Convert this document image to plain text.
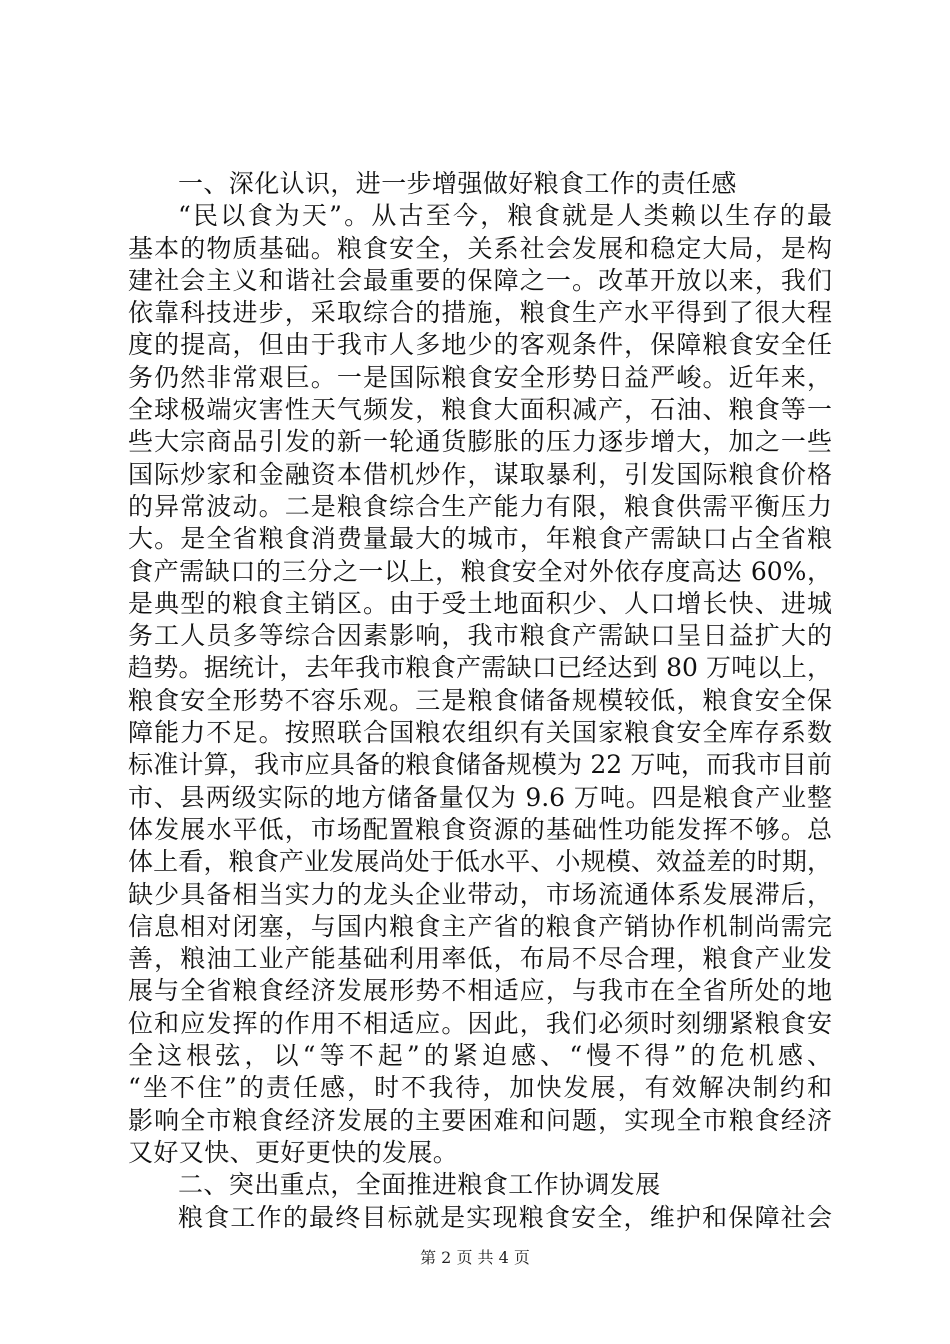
一、深化认识，进一步增强做好粮食工作的责任感
“民以食为天”。从古至今，粮食就是人类赖以生存的最
基本的物质基础。粮食安全，关系社会发展和稳定大局，是构
建社会主义和谐社会最重要的保障之一。改革开放以来，我们
依靠科技进步，采取综合的措施，粮食生产水平得到了很大程
度的提高，但由于我市人多地少的客观条件，保障粮食安全任
务仍然非常艰巨。一是国际粮食安全形势日益严峻。近年来，
全球极端灾害性天气频发，粮食大面积减产，石油、粮食等一
些大宗商品引发的新一轮通货膨胀的压力逐步增大，加之一些
国际炒家和金融资本借机炒作，谋取暴利，引发国际粮食价格
的异常波动。二是粮食综合生产能力有限，粮食供需平衡压力
大。是全省粮食消费量最大的城市，年粮食产需缺口占全省粮
食产需缺口的三分之一以上，粮食安全对外依存度高达 60%，
是典型的粮食主销区。由于受土地面积少、人口增长快、进城
务工人员多等综合因素影响，我市粮食产需缺口呈日益扩大的
趋势。据统计，去年我市粮食产需缺口已经达到 80 万吨以上，
粮食安全形势不容乐观。三是粮食储备规模较低，粮食安全保
障能力不足。按照联合国粮农组织有关国家粮食安全库存系数
标准计算，我市应具备的粮食储备规模为 22 万吨，而我市目前
市、县两级实际的地方储备量仅为 9.6 万吨。四是粮食产业整
体发展水平低，市场配置粮食资源的基础性功能发挥不够。总
体上看，粮食产业发展尚处于低水平、小规模、效益差的时期，
缺少具备相当实力的龙头企业带动，市场流通体系发展滞后，
信息相对闭塞，与国内粮食主产省的粮食产销协作机制尚需完
善，粮油工业产能基础利用率低，布局不尽合理，粮食产业发
展与全省粮食经济发展形势不相适应，与我市在全省所处的地
位和应发挥的作用不相适应。因此，我们必须时刻绷紧粮食安
全这根弦，以“等不起”的紧迫感、“慢不得”的危机感、
“坐不住”的责任感，时不我待，加快发展，有效解决制约和
影响全市粮食经济发展的主要困难和问题，实现全市粮食经济
又好又快、更好更快的发展。
二、突出重点，全面推进粮食工作协调发展
粮食工作的最终目标就是实现粮食安全，维护和保障社会
第 2 页 共 4 页
